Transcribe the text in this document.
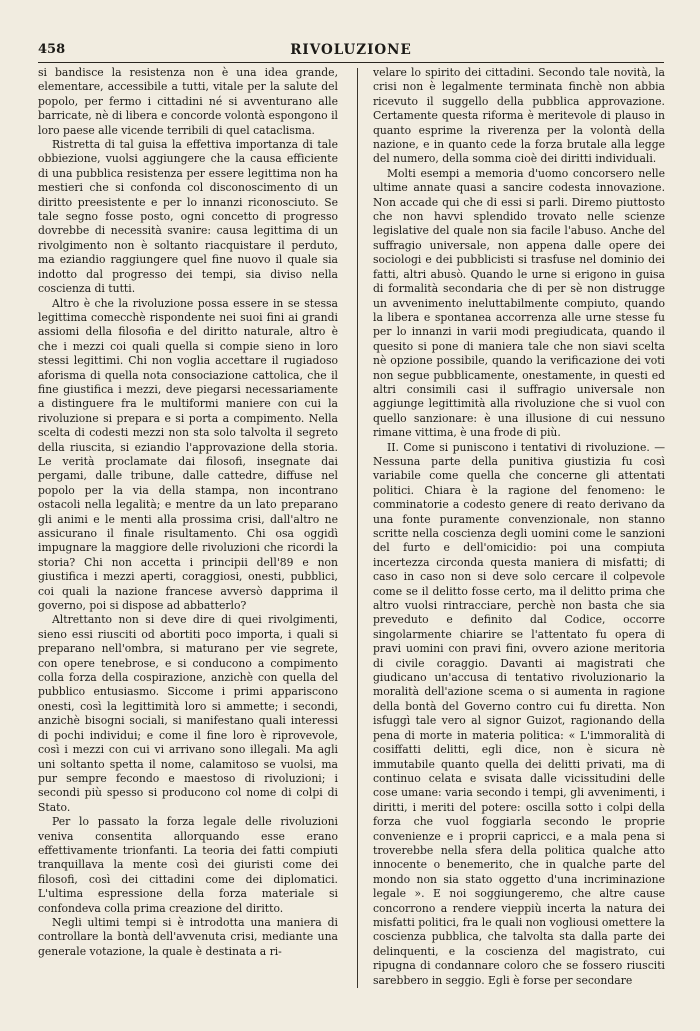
458	RIVOLUZIONE

si bandisce la resistenza non è una idea grande, elementare, accessibile a tutti, vitale per la salute del popolo, per fermo i cittadini né si avventurano alle barricate, nè di libera e concorde volontà espongono il loro paese alle vicende terribili di quel cataclisma.

Ristretta di tal guisa la effettiva importanza di tale obbiezione, vuolsi aggiungere che la causa efficiente di una pubblica resistenza per essere legittima non ha mestieri che si confonda col disconoscimento di un diritto preesistente e per lo innanzi riconosciuto. Se tale segno fosse posto, ogni concetto di progresso dovrebbe di necessità svanire: causa legittima di un rivolgimento non è soltanto riacquistare il perduto, ma eziandio raggiungere quel fine nuovo il quale sia indotto dal progresso dei tempi, sia diviso nella coscienza di tutti.

Altro è che la rivoluzione possa essere in se stessa legittima comecchè rispondente nei suoi fini ai grandi assiomi della filosofia e del diritto naturale, altro è che i mezzi coi quali quella si compie sieno in loro stessi legittimi. Chi non voglia accettare il rugiadoso aforisma di quella nota consociazione cattolica, che il fine giustifica i mezzi, deve piegarsi necessariamente a distinguere fra le multiformi maniere con cui la rivoluzione si prepara e si porta a compimento. Nella scelta di codesti mezzi non sta solo talvolta il segreto della riuscita, si eziandio l'approvazione della storia. Le verità proclamate dai filosofi, insegnate dai pergami, dalle tribune, dalle cattedre, diffuse nel popolo per la via della stampa, non incontrano ostacoli nella legalità; e mentre da un lato preparano gli animi e le menti alla prossima crisi, dall'altro ne assicurano il finale risultamento. Chi osa oggidì impugnare la maggiore delle rivoluzioni che ricordi la storia? Chi non accetta i principii dell'89 e non giustifica i mezzi aperti, coraggiosi, onesti, pubblici, coi quali la nazione francese avversò dapprima il governo, poi si dispose ad abbatterlo?

Altrettanto non si deve dire di quei rivolgimenti, sieno essi riusciti od abortiti poco importa, i quali si preparano nell'ombra, si maturano per vie segrete, con opere tenebrose, e si conducono a compimento colla forza della cospirazione, anzichè con quella del pubblico entusiasmo. Siccome i primi appariscono onesti, così la legittimità loro si ammette; i secondi, anzichè bisogni sociali, si manifestano quali interessi di pochi individui; e come il fine loro è riprovevole, così i mezzi con cui vi arrivano sono illegali. Ma agli uni soltanto spetta il nome, calamitoso se vuolsi, ma pur sempre fecondo e maestoso di rivoluzioni; i secondi più spesso si producono col nome di colpi di Stato.

Per lo passato la forza legale delle rivoluzioni veniva consentita allorquando esse erano effettivamente trionfanti. La teoria dei fatti compiuti tranquillava la mente così dei giuristi come dei filosofi, così dei cittadini come dei diplomatici. L'ultima espressione della forza materiale si confondeva colla prima creazione del diritto.

Negli ultimi tempi si è introdotta una maniera di controllare la bontà dell'avvenuta crisi, mediante una generale votazione, la quale è destinata a ri-

velare lo spirito dei cittadini. Secondo tale novità, la crisi non è legalmente terminata finchè non abbia ricevuto il suggello della pubblica approvazione. Certamente questa riforma è meritevole di plauso in quanto esprime la riverenza per la volontà della nazione, e in quanto cede la forza brutale alla legge del numero, della somma cioè dei diritti individuali.

Molti esempi a memoria d'uomo concorsero nelle ultime annate quasi a sancire codesta innovazione. Non accade qui che di essi si parli. Diremo piuttosto che non havvi splendido trovato nelle scienze legislative del quale non sia facile l'abuso. Anche del suffragio universale, non appena dalle opere dei sociologi e dei pubblicisti si trasfuse nel dominio dei fatti, altri abusò. Quando le urne si erigono in guisa di formalità secondaria che di per sè non distrugge un avvenimento ineluttabilmente compiuto, quando la libera e spontanea accorrenza alle urne stesse fu per lo innanzi in varii modi pregiudicata, quando il quesito si pone di maniera tale che non siavi scelta nè opzione possibile, quando la verificazione dei voti non segue pubblicamente, onestamente, in questi ed altri consimili casi il suffragio universale non aggiunge legittimità alla rivoluzione che si vuol con quello sanzionare: è una illusione di cui nessuno rimane vittima, è una frode di più.

II. Come si puniscono i tentativi di rivoluzione. — Nessuna parte della punitiva giustizia fu così variabile come quella che concerne gli attentati politici. Chiara è la ragione del fenomeno: le comminatorie a codesto genere di reato derivano da una fonte puramente convenzionale, non stanno scritte nella coscienza degli uomini come le sanzioni del furto e dell'omicidio: poi una compiuta incertezza circonda questa maniera di misfatti; di caso in caso non si deve solo cercare il colpevole come se il delitto fosse certo, ma il delitto prima che altro vuolsi rintracciare, perchè non basta che sia preveduto e definito dal Codice, occorre singolarmente chiarire se l'attentato fu opera di pravi uomini con pravi fini, ovvero azione meritoria di civile coraggio. Davanti ai magistrati che giudicano un'accusa di tentativo rivoluzionario la moralità dell'azione scema o si aumenta in ragione della bontà del Governo contro cui fu diretta. Non isfuggì tale vero al signor Guizot, ragionando della pena di morte in materia politica: « L'immoralità di cosiffatti delitti, egli dice, non è sicura nè immutabile quanto quella dei delitti privati, ma di continuo celata e svisata dalle vicissitudini delle cose umane: varia secondo i tempi, gli avvenimenti, i diritti, i meriti del potere: oscilla sotto i colpi della forza che vuol foggiarla secondo le proprie convenienze e i proprii capricci, e a mala pena si troverebbe nella sfera della politica qualche atto innocente o benemerito, che in qualche parte del mondo non sia stato oggetto d'una incriminazione legale ». E noi soggiungeremo, che altre cause concorrono a rendere vieppiù incerta la natura dei misfatti politici, fra le quali non vogliousi omettere la coscienza pubblica, che talvolta sta dalla parte dei delinquenti, e la coscienza del magistrato, cui ripugna di condannare coloro che se fossero riusciti sarebbero in seggio. Egli è forse per secondare
